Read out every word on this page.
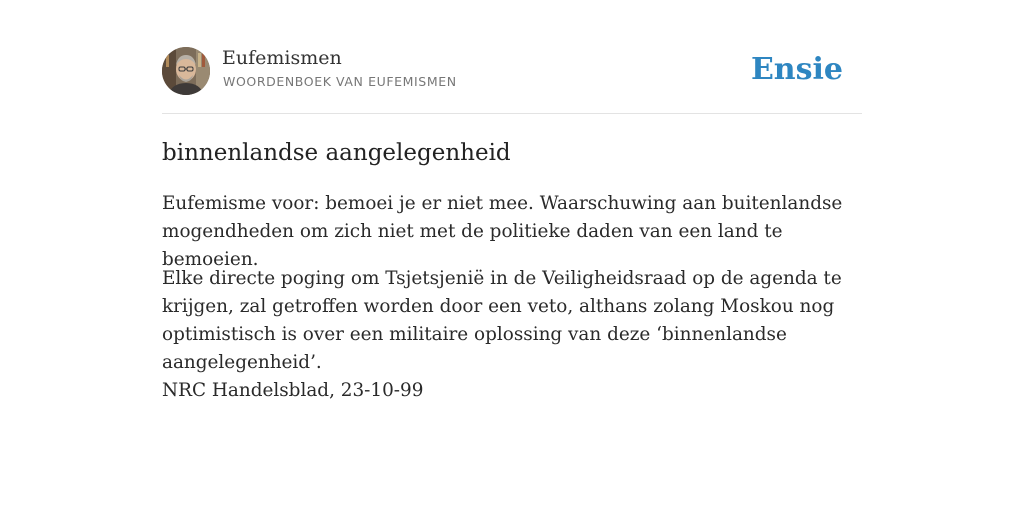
Eufemismen
WOORDENBOEK VAN EUFEMISMEN	Ensie
binnenlandse aangelegenheid

Eufemisme voor: bemoei je er niet mee. Waarschuwing aan buitenlandse mogendheden om zich niet met de politieke daden van een land te bemoeien.

Elke directe poging om Tsjetsjenië in de Veiligheidsraad op de agenda te krijgen, zal getroffen worden door een veto, althans zolang Moskou nog optimistisch is over een militaire oplossing van deze ‘binnenlandse aangelegenheid’.

NRC Handelsblad, 23-10-99
